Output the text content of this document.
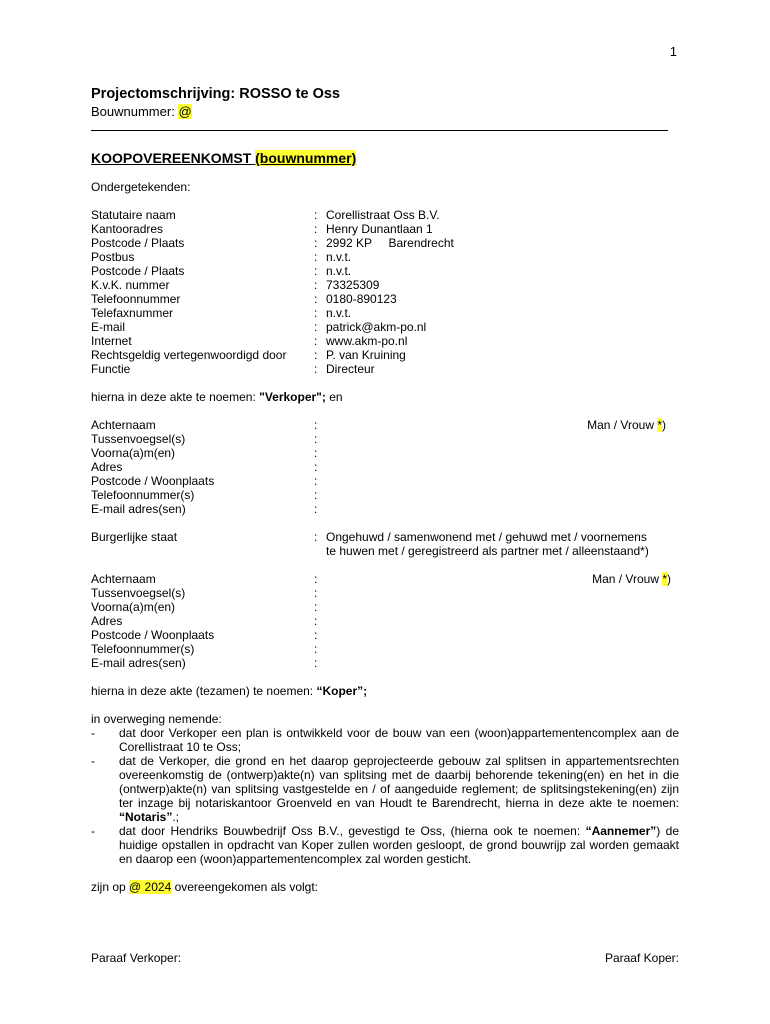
1
Projectomschrijving: ROSSO te Oss
Bouwnummer: @
KOOPOVEREENKOMST (bouwnummer)
Ondergetekenden:
Statutaire naam	: Corellistraat Oss B.V.
Kantooradres	: Henry Dunantlaan 1
Postcode / Plaats	: 2992 KP     Barendrecht
Postbus	: n.v.t.
Postcode / Plaats	: n.v.t.
K.v.K. nummer	: 73325309
Telefoonnummer	: 0180-890123
Telefaxnummer	: n.v.t.
E-mail	: patrick@akm-po.nl
Internet	: www.akm-po.nl
Rechtsgeldig vertegenwoordigd door : P. van Kruining
Functie	: Directeur
hierna in deze akte te noemen: "Verkoper"; en
Achternaam	:	Man / Vrouw *)
Tussenvoegsel(s)	:
Voorna(a)m(en)	:
Adres	:
Postcode / Woonplaats	:
Telefoonnummer(s)	:
E-mail adres(sen)	:
Burgerlijke staat	: Ongehuwd / samenwonend met / gehuwd met / voornemens
te huwen met / geregistreerd als partner met / alleenstaand*)
Achternaam	:	Man / Vrouw *)
Tussenvoegsel(s)	:
Voorna(a)m(en)	:
Adres	:
Postcode / Woonplaats	:
Telefoonnummer(s)	:
E-mail adres(sen)	:
hierna in deze akte (tezamen) te noemen: “Koper”;
in overweging nemende:
- dat door Verkoper een plan is ontwikkeld voor de bouw van een (woon)appartementencomplex aan de Corellistraat 10 te Oss;
- dat de Verkoper, die grond en het daarop geprojecteerde gebouw zal splitsen in appartementsrechten overeenkomstig de (ontwerp)akte(n) van splitsing met de daarbij behorende tekening(en) en het in die (ontwerp)akte(n) van splitsing vastgestelde en / of aangeduide reglement; de splitsingstekening(en) zijn ter inzage bij notariskantoor Groenveld en van Houdt te Barendrecht, hierna in deze akte te noemen: “Notaris”.;
- dat door Hendriks Bouwbedrijf Oss B.V., gevestigd te Oss, (hierna ook te noemen: “Aannemer”) de huidige opstallen in opdracht van Koper zullen worden gesloopt, de grond bouwrijp zal worden gemaakt en daarop een (woon)appartementencomplex zal worden gesticht.
zijn op @ 2024 overeengekomen als volgt:
Paraaf Verkoper:	Paraaf Koper:
